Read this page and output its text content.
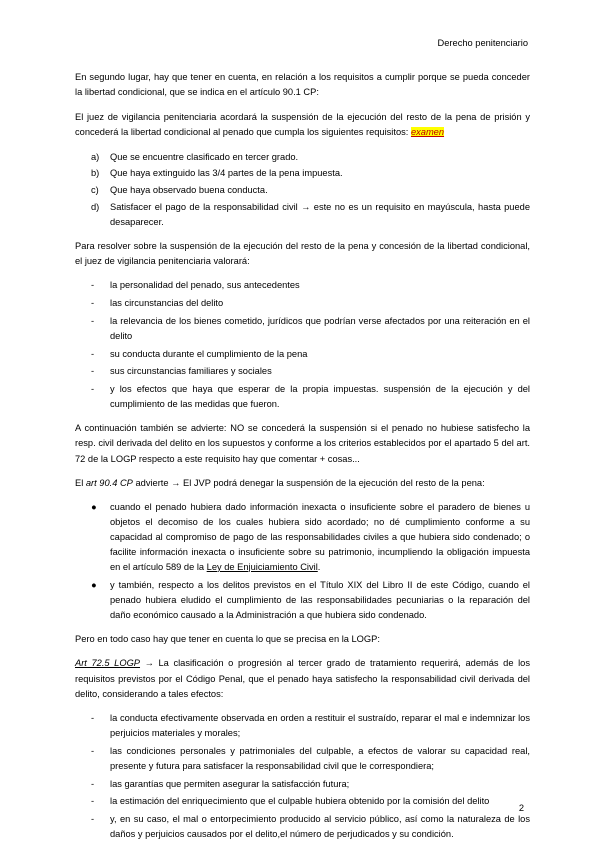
Derecho penitenciario

En segundo lugar, hay que tener en cuenta, en relación a los requisitos a cumplir porque se pueda conceder la libertad condicional, que se indica en el artículo 90.1 CP:

El juez de vigilancia penitenciaria acordará la suspensión de la ejecución del resto de la pena de prisión y concederá la libertad condicional al penado que cumpla los siguientes requisitos: examen

a) Que se encuentre clasificado en tercer grado.
b) Que haya extinguido las 3/4 partes de la pena impuesta.
c) Que haya observado buena conducta.
d) Satisfacer el pago de la responsabilidad civil → este no es un requisito en mayúscula, hasta puede desaparecer.

Para resolver sobre la suspensión de la ejecución del resto de la pena y concesión de la libertad condicional, el juez de vigilancia penitenciaria valorará:

- la personalidad del penado, sus antecedentes
- las circunstancias del delito
- la relevancia de los bienes cometido, jurídicos que podrían verse afectados por una reiteración en el delito
- su conducta durante el cumplimiento de la pena
- sus circunstancias familiares y sociales
- y los efectos que haya que esperar de la propia impuestas. suspensión de la ejecución y del cumplimiento de las medidas que fueron.

A continuación también se advierte: NO se concederá la suspensión si el penado no hubiese satisfecho la resp. civil derivada del delito en los supuestos y conforme a los criterios establecidos por el apartado 5 del art. 72 de la LOGP respecto a este requisito hay que comentar + cosas...

El art 90.4 CP advierte → El JVP podrá denegar la suspensión de la ejecución del resto de la pena:

● cuando el penado hubiera dado información inexacta o insuficiente sobre el paradero de bienes u objetos el decomiso de los cuales hubiera sido acordado; no dé cumplimiento conforme a su capacidad al compromiso de pago de las responsabilidades civiles a que hubiera sido condenado; o facilite información inexacta o insuficiente sobre su patrimonio, incumpliendo la obligación impuesta en el artículo 589 de la Ley de Enjuiciamiento Civil.
● y también, respecto a los delitos previstos en el Título XIX del Libro II de este Código, cuando el penado hubiera eludido el cumplimiento de las responsabilidades pecuniarias o la reparación del daño económico causado a la Administración a que hubiera sido condenado.

Pero en todo caso hay que tener en cuenta lo que se precisa en la LOGP:

Art 72.5 LOGP → La clasificación o progresión al tercer grado de tratamiento requerirá, además de los requisitos previstos por el Código Penal, que el penado haya satisfecho la responsabilidad civil derivada del delito, considerando a tales efectos:

- la conducta efectivamente observada en orden a restituir el sustraído, reparar el mal e indemnizar los perjuicios materiales y morales;
- las condiciones personales y patrimoniales del culpable, a efectos de valorar su capacidad real, presente y futura para satisfacer la responsabilidad civil que le correspondiera;
- las garantías que permiten asegurar la satisfacción futura;
- la estimación del enriquecimiento que el culpable hubiera obtenido por la comisión del delito
- y, en su caso, el mal o entorpecimiento producido al servicio público, así como la naturaleza de los daños y perjuicios causados por el delito,el número de perjudicados y su condición.
2
